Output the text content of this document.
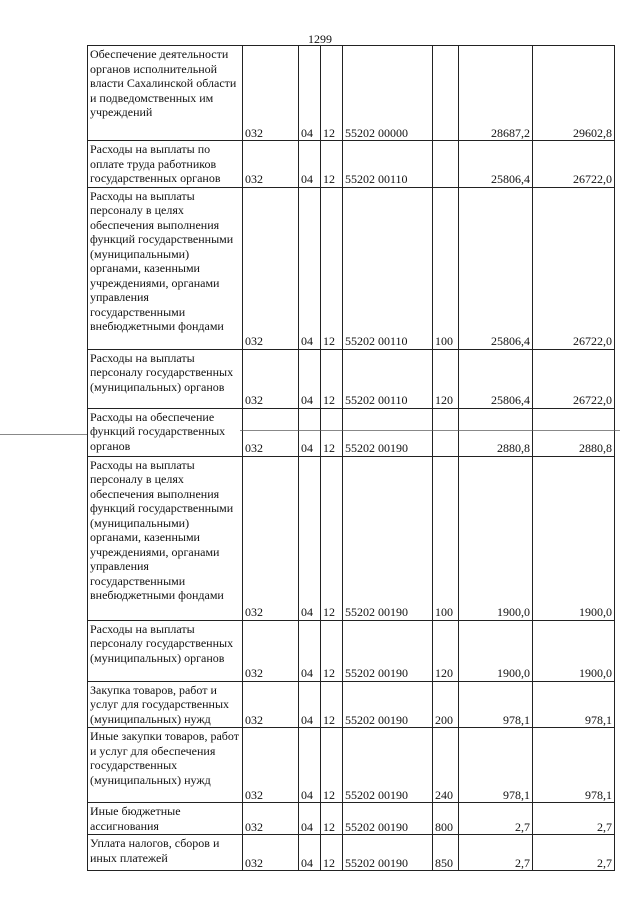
1299
Обеспечение деятельности органов исполнительной власти Сахалинской области и подведомственных им учреждений	032	04	12	55202 00000		28687,2	29602,8

Расходы на выплаты по оплате труда работников государственных органов	032	04	12	55202 00110		25806,4	26722,0

Расходы на выплаты персоналу в целях обеспечения выполнения функций государственными (муниципальными) органами, казенными учреждениями, органами управления государственными внебюджетными фондами	032	04	12	55202 00110	100	25806,4	26722,0

Расходы на выплаты персоналу государственных (муниципальных) органов	032	04	12	55202 00110	120	25806,4	26722,0

Расходы на обеспечение функций государственных органов	032	04	12	55202 00190		2880,8	2880,8

Расходы на выплаты персоналу в целях обеспечения выполнения функций государственными (муниципальными) органами, казенными учреждениями, органами управления государственными внебюджетными фондами	032	04	12	55202 00190	100	1900,0	1900,0

Расходы на выплаты персоналу государственных (муниципальных) органов	032	04	12	55202 00190	120	1900,0	1900,0

Закупка товаров, работ и услуг для государственных (муниципальных) нужд	032	04	12	55202 00190	200	978,1	978,1

Иные закупки товаров, работ и услуг для обеспечения государственных (муниципальных) нужд	032	04	12	55202 00190	240	978,1	978,1

Иные бюджетные ассигнования	032	04	12	55202 00190	800	2,7	2,7

Уплата налогов, сборов и иных платежей	032	04	12	55202 00190	850	2,7	2,7
